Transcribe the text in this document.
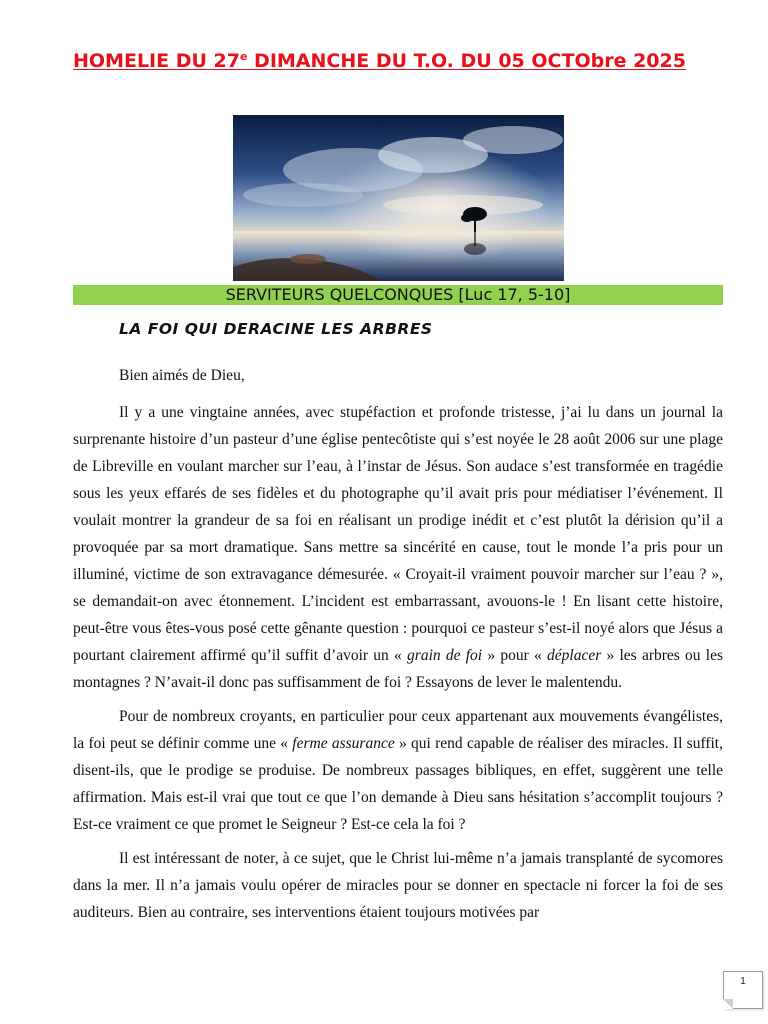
HOMELIE DU 27e DIMANCHE DU T.O. DU 05 OCTObre 2025
SERVITEURS QUELCONQUES [Luc 17, 5-10]
LA FOI QUI DERACINE LES ARBRES

Bien aimés de Dieu,

Il y a une vingtaine années, avec stupéfaction et profonde tristesse, j’ai lu dans un journal la surprenante histoire d’un pasteur d’une église pentecôtiste qui s’est noyée le 28 août 2006 sur une plage de Libreville en voulant marcher sur l’eau, à l’instar de Jésus. Son audace s’est transformée en tragédie sous les yeux effarés de ses fidèles et du photographe qu’il avait pris pour médiatiser l’événement. Il voulait montrer la grandeur de sa foi en réalisant un prodige inédit et c’est plutôt la dérision qu’il a provoquée par sa mort dramatique. Sans mettre sa sincérité en cause, tout le monde l’a pris pour un illuminé, victime de son extravagance démesurée. « Croyait-il vraiment pouvoir marcher sur l’eau ? », se demandait-on avec étonnement. L’incident est embarrassant, avouons-le ! En lisant cette histoire, peut-être vous êtes-vous posé cette gênante question : pourquoi ce pasteur s’est-il noyé alors que Jésus a pourtant clairement affirmé qu’il suffit d’avoir un « grain de foi » pour « déplacer » les arbres ou les montagnes ? N’avait-il donc pas suffisamment de foi ? Essayons de lever le malentendu.

Pour de nombreux croyants, en particulier pour ceux appartenant aux mouvements évangélistes, la foi peut se définir comme une « ferme assurance » qui rend capable de réaliser des miracles. Il suffit, disent-ils, que le prodige se produise. De nombreux passages bibliques, en effet, suggèrent une telle affirmation. Mais est-il vrai que tout ce que l’on demande à Dieu sans hésitation s’accomplit toujours ? Est-ce vraiment ce que promet le Seigneur ? Est-ce cela la foi ?

Il est intéressant de noter, à ce sujet, que le Christ lui-même n’a jamais transplanté de sycomores dans la mer. Il n’a jamais voulu opérer de miracles pour se donner en spectacle ni forcer la foi de ses auditeurs. Bien au contraire, ses interventions étaient toujours motivées par

1
